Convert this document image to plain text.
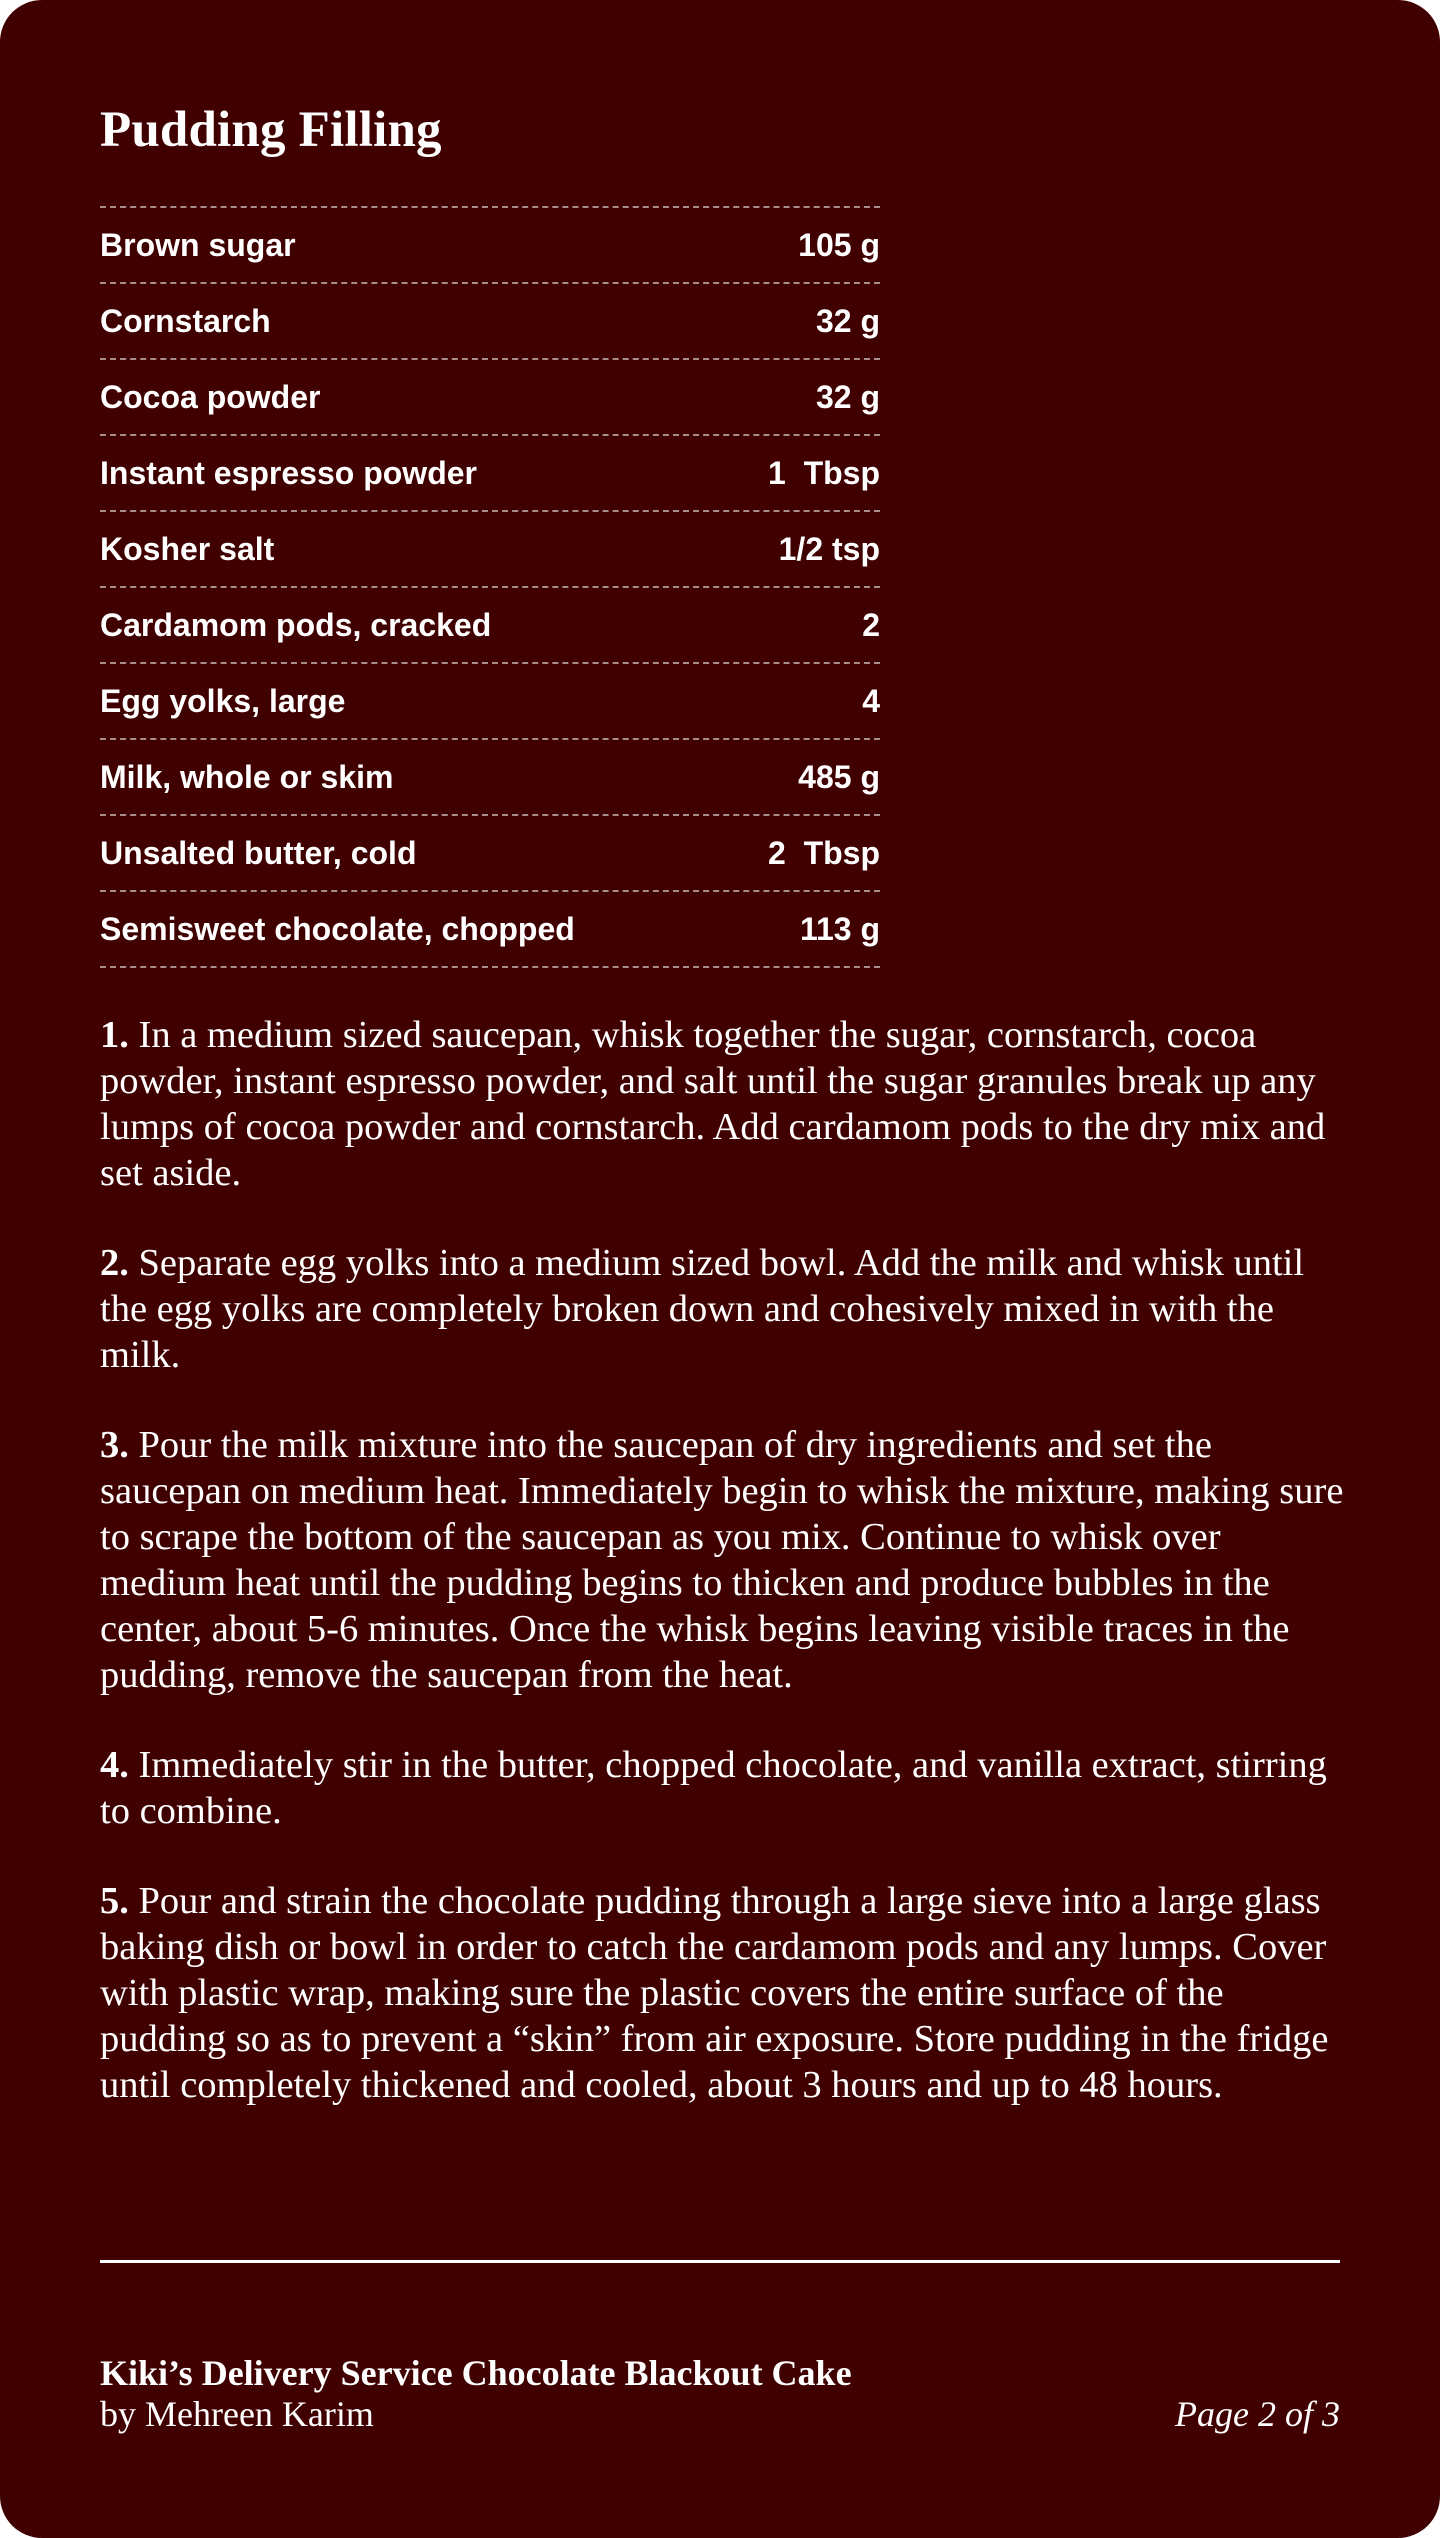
Pudding Filling
Brown sugar	105 g
Cornstarch	32 g
Cocoa powder	32 g
Instant espresso powder	1  Tbsp
Kosher salt	1/2 tsp
Cardamom pods, cracked	2
Egg yolks, large	4
Milk, whole or skim	485 g
Unsalted butter, cold	2  Tbsp
Semisweet chocolate, chopped	113 g

1. In a medium sized saucepan, whisk together the sugar, cornstarch, cocoa powder, instant espresso powder, and salt until the sugar granules break up any lumps of cocoa powder and cornstarch. Add cardamom pods to the dry mix and set aside.

2. Separate egg yolks into a medium sized bowl. Add the milk and whisk until the egg yolks are completely broken down and cohesively mixed in with the milk.

3. Pour the milk mixture into the saucepan of dry ingredients and set the saucepan on medium heat. Immediately begin to whisk the mixture, making sure to scrape the bottom of the saucepan as you mix. Continue to whisk over medium heat until the pudding begins to thicken and produce bubbles in the center, about 5-6 minutes. Once the whisk begins leaving visible traces in the pudding, remove the saucepan from the heat.

4. Immediately stir in the butter, chopped chocolate, and vanilla extract, stirring to combine.

5. Pour and strain the chocolate pudding through a large sieve into a large glass baking dish or bowl in order to catch the cardamom pods and any lumps. Cover with plastic wrap, making sure the plastic covers the entire surface of the pudding so as to prevent a “skin” from air exposure. Store pudding in the fridge until completely thickened and cooled, about 3 hours and up to 48 hours.

Kiki’s Delivery Service Chocolate Blackout Cake
by Mehreen Karim	Page 2 of 3
